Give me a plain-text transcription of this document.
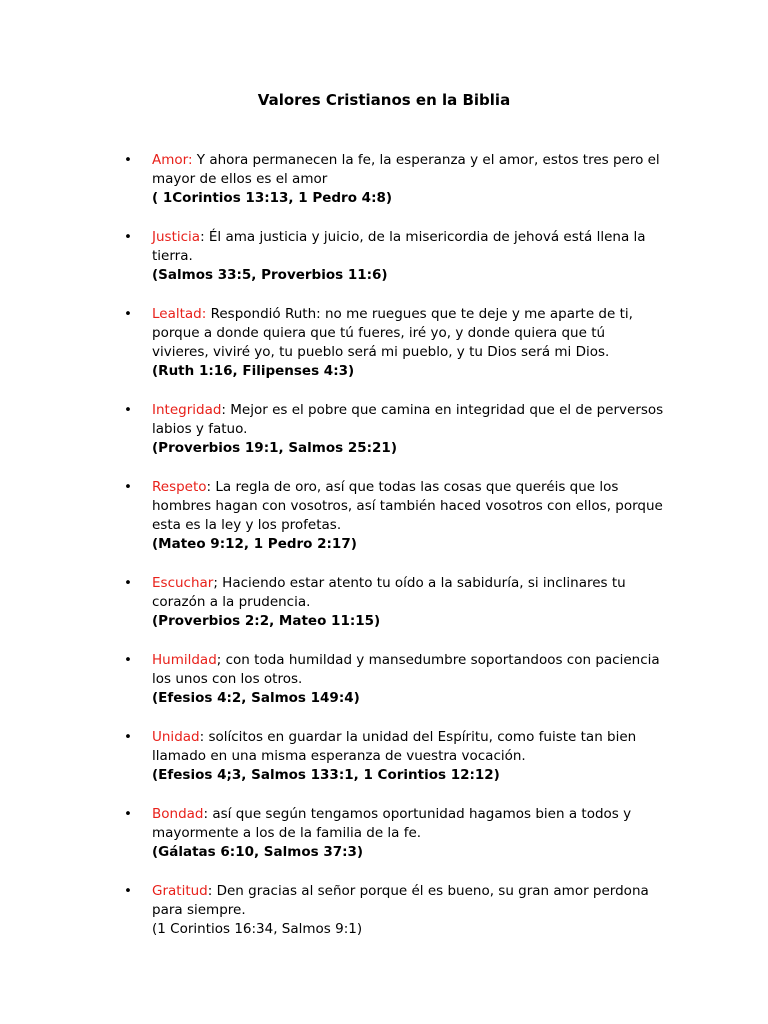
Valores Cristianos en la Biblia
• Amor: Y ahora permanecen la fe, la esperanza y el amor, estos tres pero el mayor de ellos es el amor
( 1Corintios 13:13, 1 Pedro 4:8)
• Justicia: Él ama justicia y juicio, de la misericordia de jehová está llena la tierra.
(Salmos 33:5, Proverbios 11:6)
• Lealtad: Respondió Ruth: no me ruegues que te deje y me aparte de ti, porque a donde quiera que tú fueres, iré yo, y donde quiera que tú vivieres, viviré yo, tu pueblo será mi pueblo, y tu Dios será mi Dios.
(Ruth 1:16, Filipenses 4:3)
• Integridad: Mejor es el pobre que camina en integridad que el de perversos labios y fatuo.
(Proverbios 19:1, Salmos 25:21)
• Respeto: La regla de oro, así que todas las cosas que queréis que los hombres hagan con vosotros, así también haced vosotros con ellos, porque esta es la ley y los profetas.
(Mateo 9:12, 1 Pedro 2:17)
• Escuchar; Haciendo estar atento tu oído a la sabiduría, si inclinares tu corazón a la prudencia.
(Proverbios 2:2, Mateo 11:15)
• Humildad; con toda humildad y mansedumbre soportandoos con paciencia los unos con los otros.
(Efesios 4:2, Salmos 149:4)
• Unidad: solícitos en guardar la unidad del Espíritu, como fuiste tan bien llamado en una misma esperanza de vuestra vocación.
(Efesios 4;3, Salmos 133:1, 1 Corintios 12:12)
• Bondad: así que según tengamos oportunidad hagamos bien a todos y mayormente a los de la familia de la fe.
(Gálatas 6:10, Salmos 37:3)
• Gratitud: Den gracias al señor porque él es bueno, su gran amor perdona para siempre.
(1 Corintios 16:34, Salmos 9:1)
